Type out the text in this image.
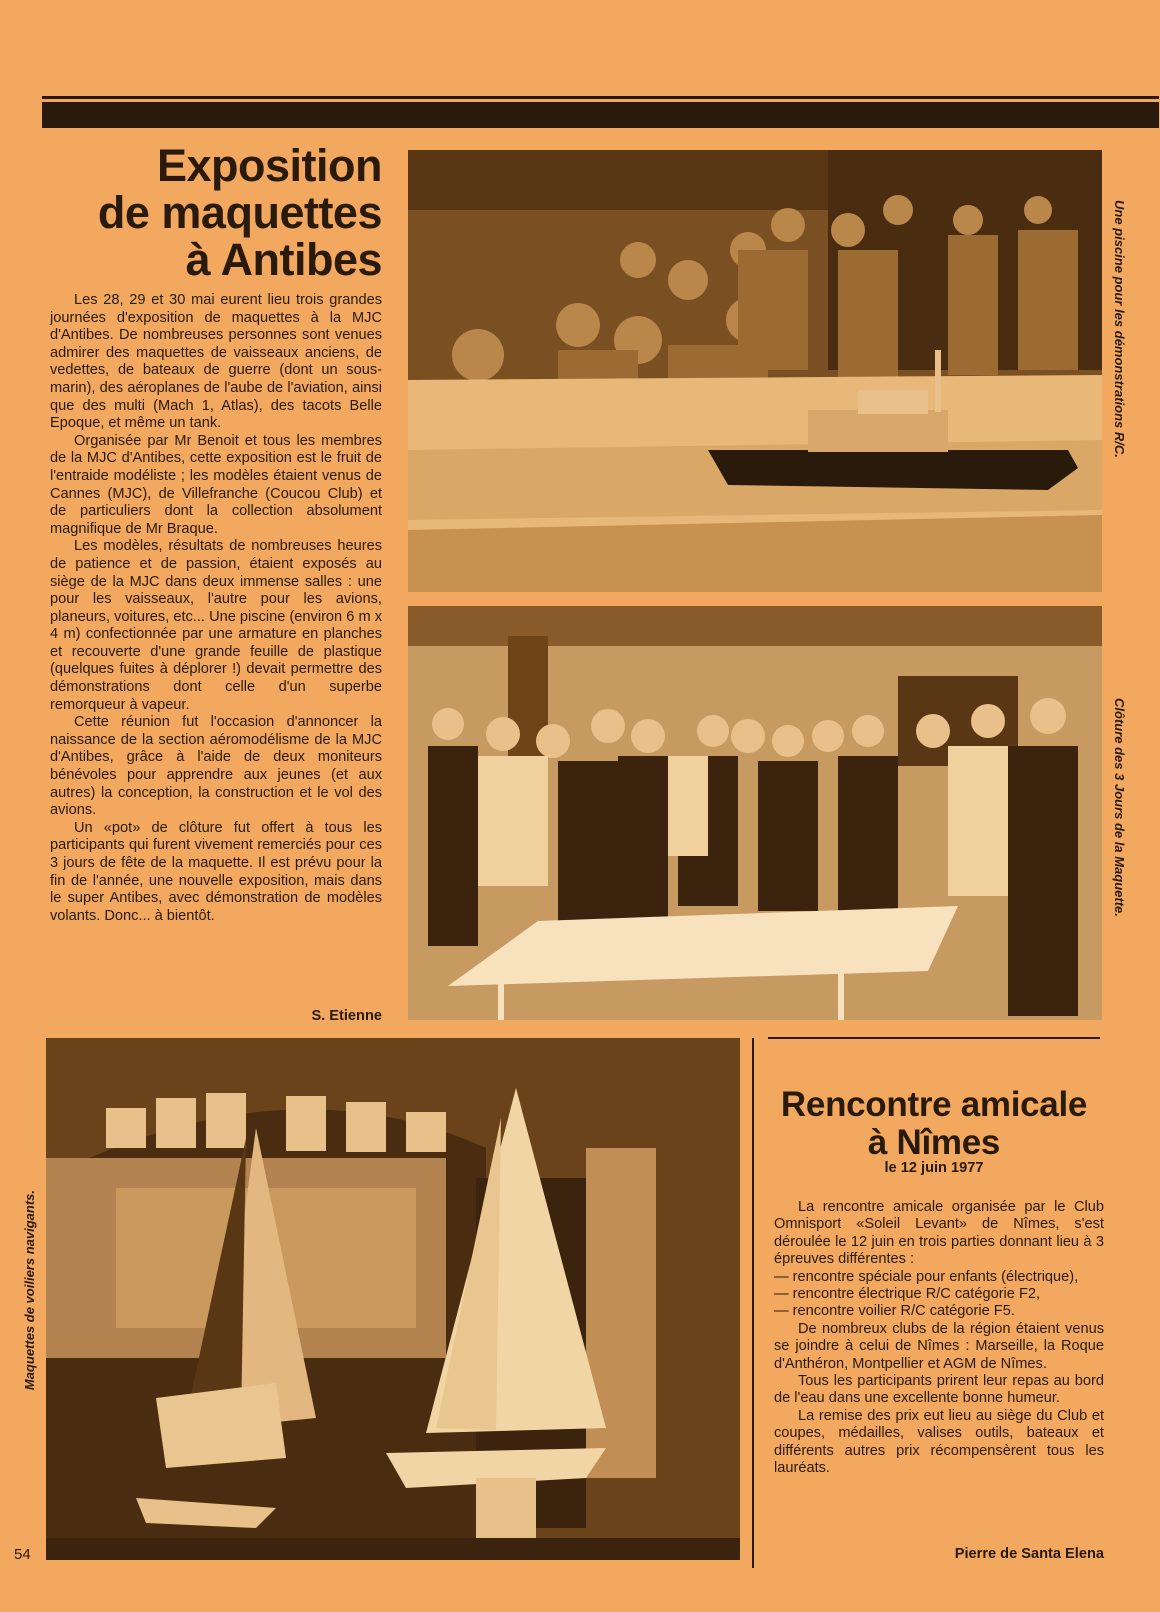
Exposition
de maquettes
à Antibes

Les 28, 29 et 30 mai eurent lieu trois grandes journées d'exposition de maquettes à la MJC d'Antibes. De nombreuses personnes sont venues admirer des maquettes de vaisseaux anciens, de vedettes, de bateaux de guerre (dont un sous-marin), des aéroplanes de l'aube de l'aviation, ainsi que des multi (Mach 1, Atlas), des tacots Belle Epoque, et même un tank.

Organisée par Mr Benoit et tous les membres de la MJC d'Antibes, cette exposition est le fruit de l'entraide modéliste ; les modèles étaient venus de Cannes (MJC), de Villefranche (Coucou Club) et de particuliers dont la collection absolument magnifique de Mr Braque.

Les modèles, résultats de nombreuses heures de patience et de passion, étaient exposés au siège de la MJC dans deux immense salles : une pour les vaisseaux, l'autre pour les avions, planeurs, voitures, etc... Une piscine (environ 6 m x 4 m) confectionnée par une armature en planches et recouverte d'une grande feuille de plastique (quelques fuites à déplorer !) devait permettre des démonstrations dont celle d'un superbe remorqueur à vapeur.

Cette réunion fut l'occasion d'annoncer la naissance de la section aéromodélisme de la MJC d'Antibes, grâce à l'aide de deux moniteurs bénévoles pour apprendre aux jeunes (et aux autres) la conception, la construction et le vol des avions.

Un «pot» de clôture fut offert à tous les participants qui furent vivement remerciés pour ces 3 jours de fête de la maquette. Il est prévu pour la fin de l'année, une nouvelle exposition, mais dans le super Antibes, avec démonstration de modèles volants. Donc... à bientôt.

S. Etienne
Une piscine pour les démonstrations R/C.
Clôture des 3 Jours de la Maquette.
Maquettes de voiliers navigants.
Rencontre amicale
à Nîmes
le 12 juin 1977

La rencontre amicale organisée par le Club Omnisport «Soleil Levant» de Nîmes, s'est déroulée le 12 juin en trois parties donnant lieu à 3 épreuves différentes :

— rencontre spéciale pour enfants (électrique),

— rencontre électrique R/C catégorie F2,

— rencontre voilier R/C catégorie F5.

De nombreux clubs de la région étaient venus se joindre à celui de Nîmes : Marseille, la Roque d'Anthéron, Montpellier et AGM de Nîmes.

Tous les participants prirent leur repas au bord de l'eau dans une excellente bonne humeur.

La remise des prix eut lieu au siège du Club et coupes, médailles, valises outils, bateaux et différents autres prix récompensèrent tous les lauréats.

Pierre de Santa Elena
54
